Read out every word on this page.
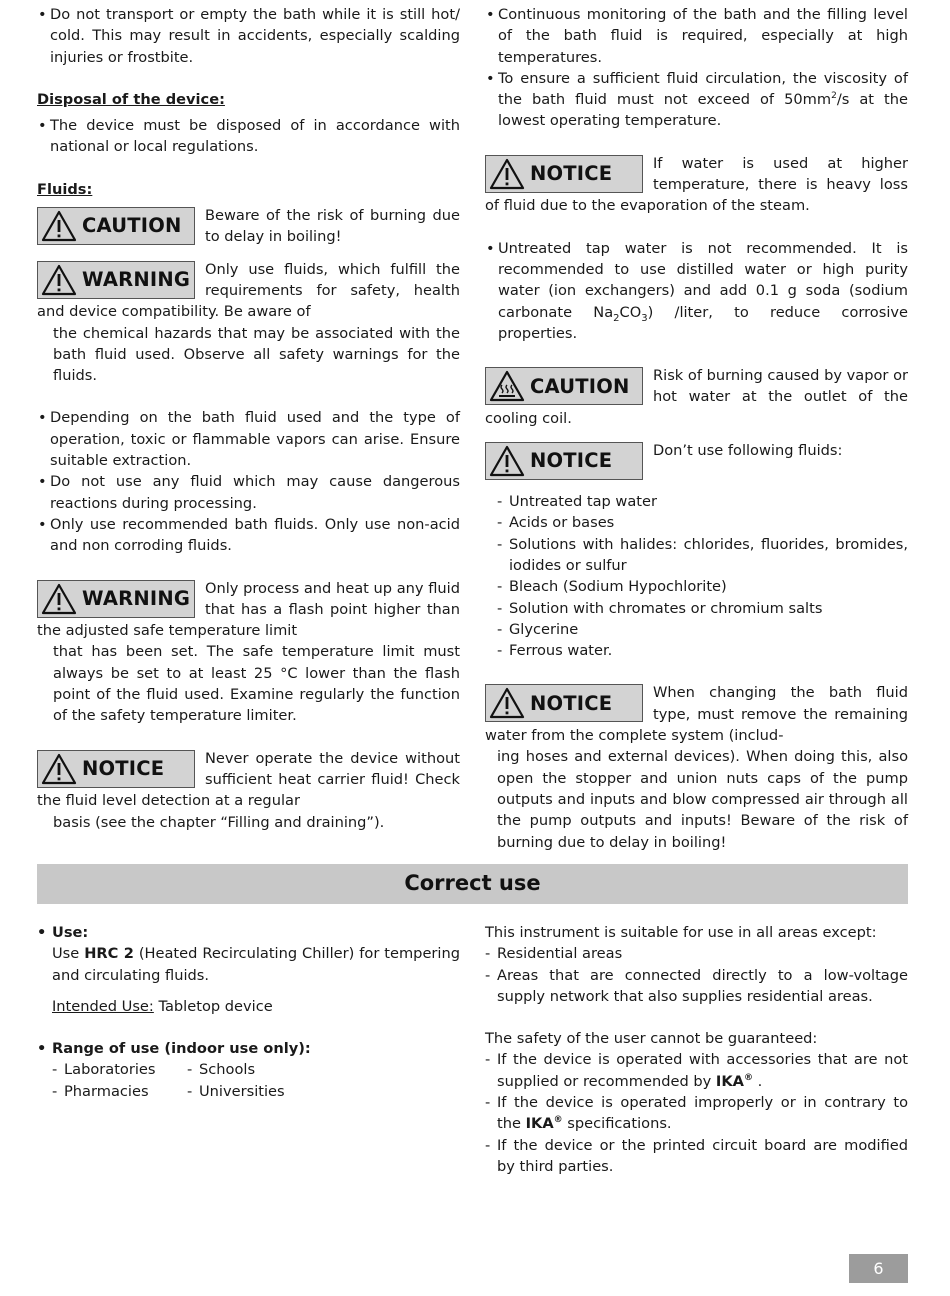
• Do not transport or empty the bath while it is still hot/ cold. This may result in accidents, especially scalding injuries or frostbite.

Disposal of the device:

• The device must be disposed of in accordance with national or local regulations.

Fluids:

CAUTION	Beware of the risk of burning due to delay in boiling!

WARNING	Only use fluids, which fulfill the requirements for safety, health and device compatibility. Be aware of

the chemical hazards that may be associated with the bath fluid used. Observe all safety warnings for the fluids.

• Depending on the bath fluid used and the type of operation, toxic or flammable vapors can arise. Ensure suitable extraction.

• Do not use any fluid which may cause dangerous reactions during processing.

• Only use recommended bath fluids. Only use non-acid and non corroding fluids.

WARNING	Only process and heat up any fluid that has a flash point higher than the adjusted safe temperature limit

that has been set. The safe temperature limit must always be set to at least 25 °C lower than the flash point of the fluid used. Examine regularly the function of the safety temperature limiter.

NOTICE	Never operate the device without sufficient heat carrier fluid! Check the fluid level detection at a regular

basis (see the chapter “Filling and draining”).

• Continuous monitoring of the bath and the filling level of the bath fluid is required, especially at high temperatures.

• To ensure a sufficient fluid circulation, the viscosity of the bath fluid must not exceed of $50mm^2/s$ at the lowest operating temperature.

NOTICE	If water is used at higher temperature, there is heavy loss of fluid due to the evaporation of the steam.

• Untreated tap water is not recommended. It is recommended to use distilled water or high purity water (ion exchangers) and add 0.1 g soda (sodium carbonate $Na_2CO_3$) /liter, to reduce corrosive properties.

CAUTION	Risk of burning caused by vapor or hot water at the outlet of the cooling coil.

NOTICE	Don’t use following fluids:

- Untreated tap water

- Acids or bases

- Solutions with halides: chlorides, fluorides, bromides, iodides or sulfur

- Bleach (Sodium Hypochlorite)

- Solution with chromates or chromium salts

- Glycerine

- Ferrous water.

NOTICE	When changing the bath fluid type, must remove the remaining water from the complete system (includ-

ing hoses and external devices). When doing this, also open the stopper and union nuts caps of the pump outputs and inputs and blow compressed air through all the pump outputs and inputs! Beware of the risk of burning due to delay in boiling!

Correct use

• Use:

Use HRC 2 (Heated Recirculating Chiller) for tempering and circulating fluids.

Intended Use: Tabletop device

• Range of use (indoor use only):

- Laboratories

- Pharmacies

- Schools

- Universities

This instrument is suitable for use in all areas except:

- Residential areas

- Areas that are connected directly to a low-voltage supply network that also supplies residential areas.

The safety of the user cannot be guaranteed:

- If the device is operated with accessories that are not supplied or recommended by IKA® .

- If the device is operated improperly or in contrary to the IKA® specifications.

- If the device or the printed circuit board are modified by third parties.

6
